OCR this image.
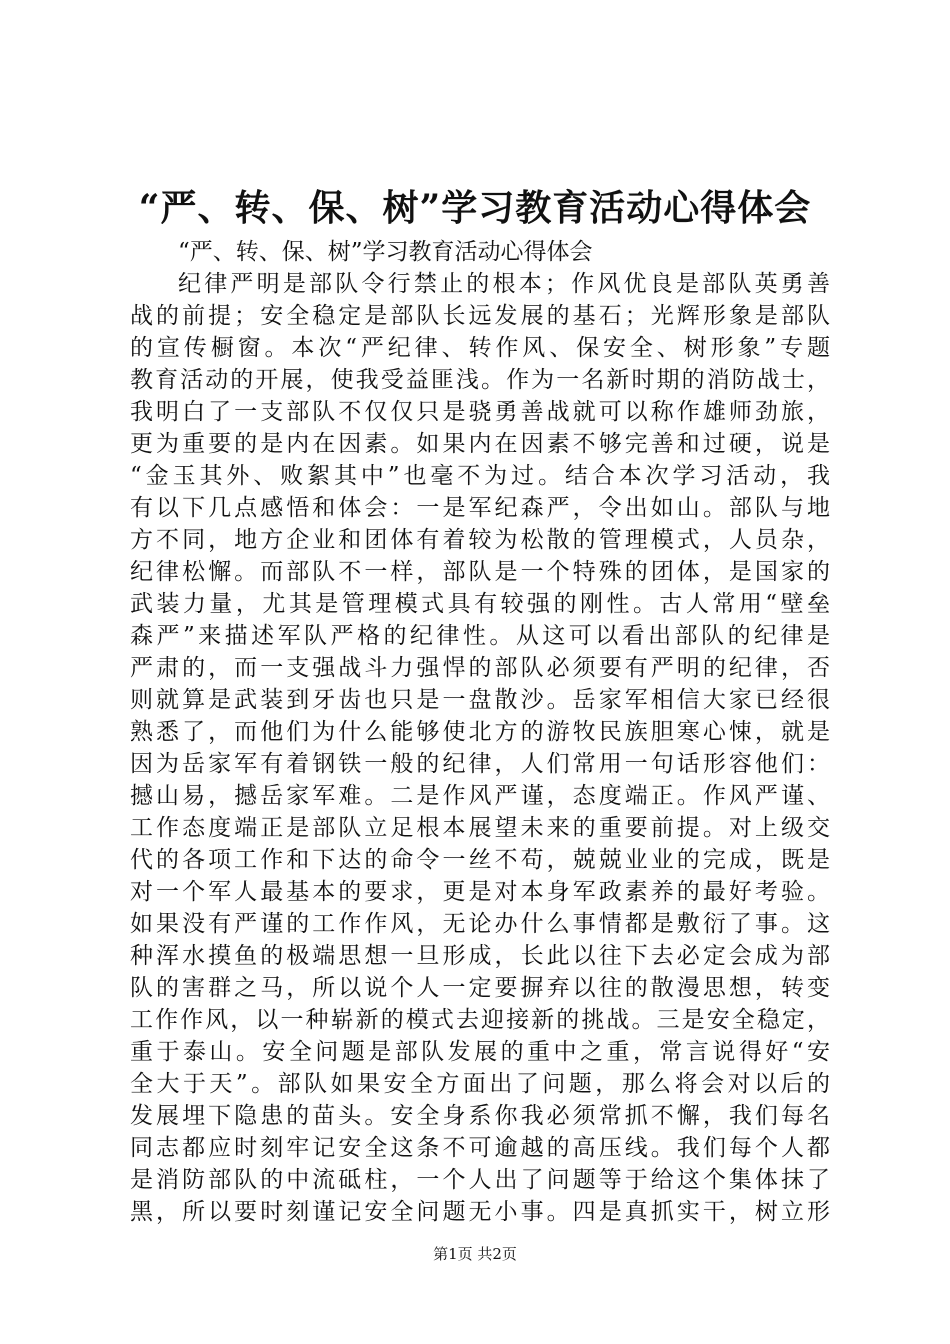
“严、转、保、树”学习教育活动心得体会
“严、转、保、树”学习教育活动心得体会
纪律严明是部队令行禁止的根本；作风优良是部队英勇善
战的前提；安全稳定是部队长远发展的基石；光辉形象是部队
的宣传橱窗。本次“严纪律、转作风、保安全、树形象”专题
教育活动的开展，使我受益匪浅。作为一名新时期的消防战士，
我明白了一支部队不仅仅只是骁勇善战就可以称作雄师劲旅，
更为重要的是内在因素。如果内在因素不够完善和过硬，说是
“金玉其外、败絮其中”也毫不为过。结合本次学习活动，我
有以下几点感悟和体会：一是军纪森严，令出如山。部队与地
方不同，地方企业和团体有着较为松散的管理模式，人员杂，
纪律松懈。而部队不一样，部队是一个特殊的团体，是国家的
武装力量，尤其是管理模式具有较强的刚性。古人常用“壁垒
森严”来描述军队严格的纪律性。从这可以看出部队的纪律是
严肃的，而一支强战斗力强悍的部队必须要有严明的纪律，否
则就算是武装到牙齿也只是一盘散沙。岳家军相信大家已经很
熟悉了，而他们为什么能够使北方的游牧民族胆寒心悚，就是
因为岳家军有着钢铁一般的纪律，人们常用一句话形容他们：
撼山易，撼岳家军难。二是作风严谨，态度端正。作风严谨、
工作态度端正是部队立足根本展望未来的重要前提。对上级交
代的各项工作和下达的命令一丝不苟，兢兢业业的完成，既是
对一个军人最基本的要求，更是对本身军政素养的最好考验。
如果没有严谨的工作作风，无论办什么事情都是敷衍了事。这
种浑水摸鱼的极端思想一旦形成，长此以往下去必定会成为部
队的害群之马，所以说个人一定要摒弃以往的散漫思想，转变
工作作风，以一种崭新的模式去迎接新的挑战。三是安全稳定，
重于泰山。安全问题是部队发展的重中之重，常言说得好“安
全大于天”。部队如果安全方面出了问题，那么将会对以后的
发展埋下隐患的苗头。安全身系你我必须常抓不懈，我们每名
同志都应时刻牢记安全这条不可逾越的高压线。我们每个人都
是消防部队的中流砥柱，一个人出了问题等于给这个集体抹了
黑，所以要时刻谨记安全问题无小事。四是真抓实干，树立形
第1页 共2页
